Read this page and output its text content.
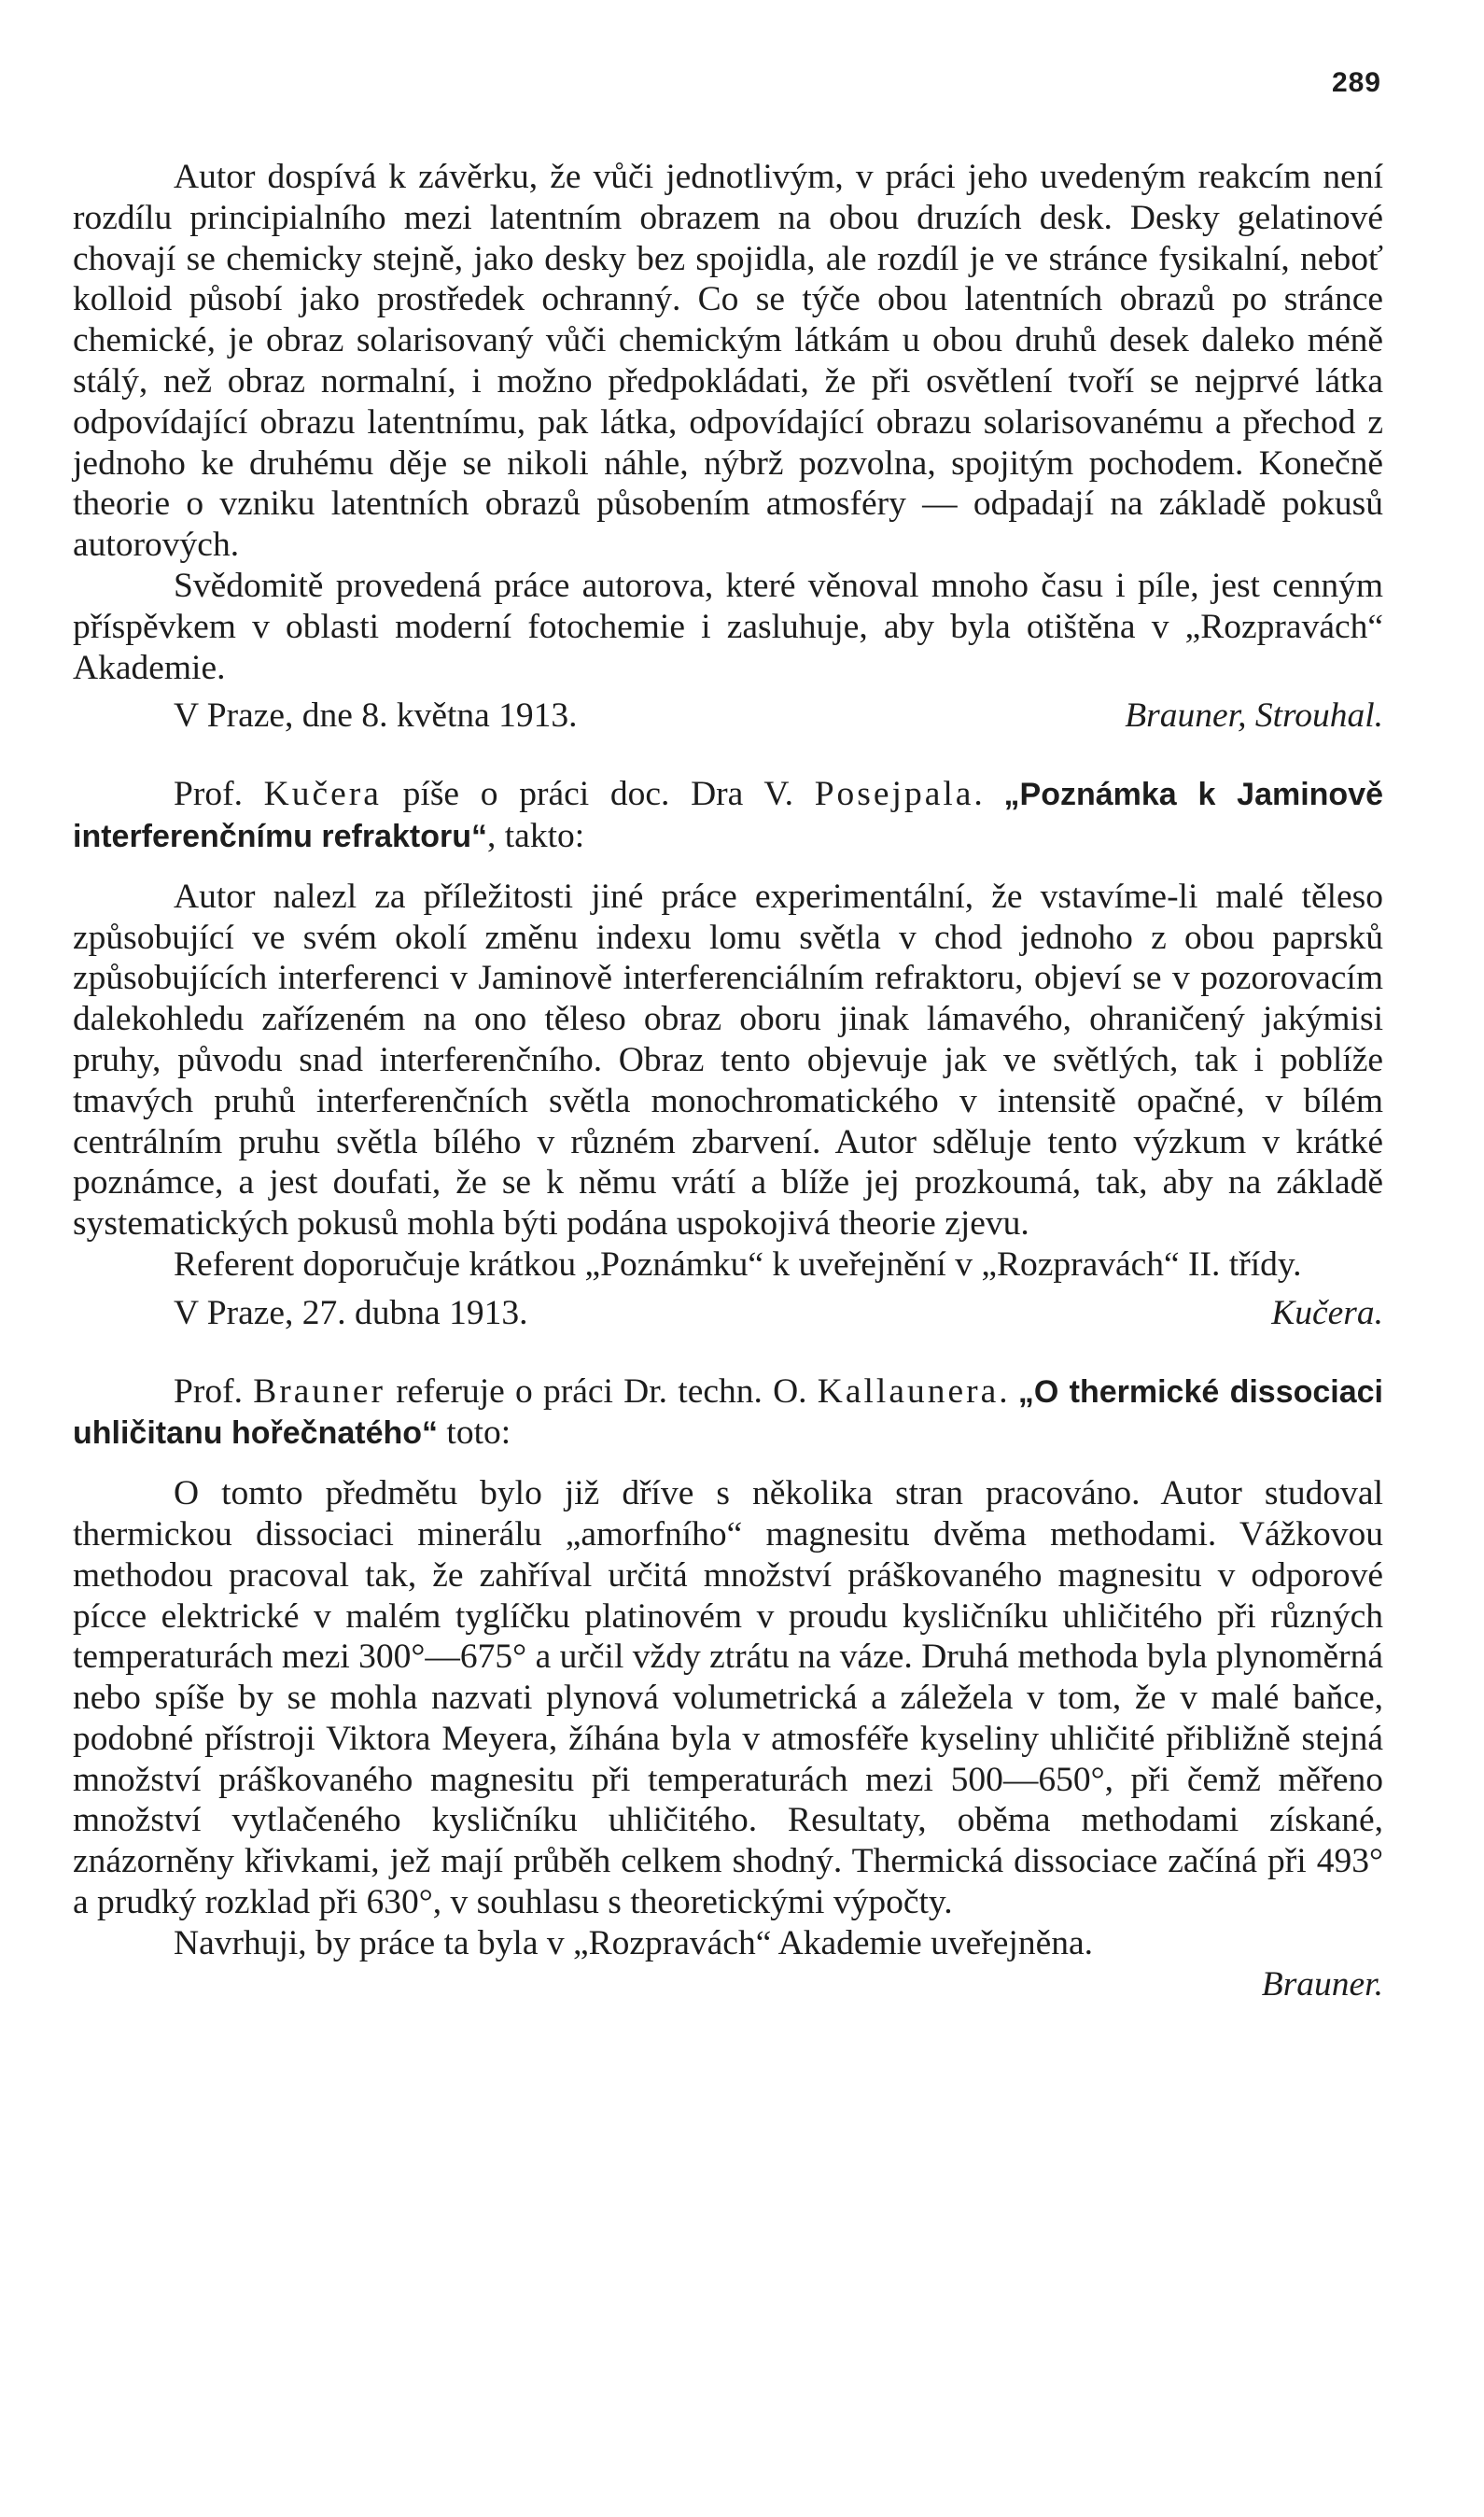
289

Autor dospívá k závěrku, že vůči jednotlivým, v práci jeho uvedeným reakcím není rozdílu principialního mezi latentním obrazem na obou druzích desk. Desky gelatinové chovají se chemicky stejně, jako desky bez spojidla, ale rozdíl je ve stránce fysikalní, neboť kolloid působí jako prostředek ochranný. Co se týče obou latentních obrazů po stránce chemické, je obraz solarisovaný vůči chemickým látkám u obou druhů desek daleko méně stálý, než obraz normalní, i možno předpokládati, že při osvětlení tvoří se nejprvé látka odpovídající obrazu latentnímu, pak látka, odpovídající obrazu solarisovanému a přechod z jednoho ke druhému děje se nikoli náhle, nýbrž pozvolna, spojitým pochodem. Konečně theorie o vzniku latentních obrazů působením atmosféry — odpadají na základě pokusů autorových.

Svědomitě provedená práce autorova, které věnoval mnoho času i píle, jest cenným příspěvkem v oblasti moderní fotochemie i zasluhuje, aby byla otištěna v „Rozpravách“ Akademie.

V Praze, dne 8. května 1913.	Brauner, Strouhal.

Prof. Kučera píše o práci doc. Dra V. Posejpala. „Poznámka k Jaminově interferenčnímu refraktoru“, takto:

Autor nalezl za příležitosti jiné práce experimentální, že vstavíme-li malé těleso způsobující ve svém okolí změnu indexu lomu světla v chod jednoho z obou paprsků způsobujících interferenci v Jaminově interferenciálním refraktoru, objeví se v pozorovacím dalekohledu zařízeném na ono těleso obraz oboru jinak lámavého, ohraničený jakýmisi pruhy, původu snad interferenčního. Obraz tento objevuje jak ve světlých, tak i poblíže tmavých pruhů interferenčních světla monochromatického v intensitě opačné, v bílém centrálním pruhu světla bílého v různém zbarvení. Autor sděluje tento výzkum v krátké poznámce, a jest doufati, že se k němu vrátí a blíže jej prozkoumá, tak, aby na základě systematických pokusů mohla býti podána uspokojivá theorie zjevu.

Referent doporučuje krátkou „Poznámku“ k uveřejnění v „Rozpravách“ II. třídy.

V Praze, 27. dubna 1913.	Kučera.

Prof. Brauner referuje o práci Dr. techn. O. Kallaunera. „O thermické dissociaci uhličitanu hořečnatého“ toto:

O tomto předmětu bylo již dříve s několika stran pracováno. Autor studoval thermickou dissociaci minerálu „amorfního“ magnesitu dvěma methodami. Vážkovou methodou pracoval tak, že zahříval určitá množství práškovaného magnesitu v odporové pícce elektrické v malém tyglíčku platinovém v proudu kysličníku uhličitého při různých temperaturách mezi 300°—675° a určil vždy ztrátu na váze. Druhá methoda byla plynoměrná nebo spíše by se mohla nazvati plynová volumetrická a záležela v tom, že v malé baňce, podobné přístroji Viktora Meyera, žíhána byla v atmosféře kyseliny uhličité přibližně stejná množství práškovaného magnesitu při temperaturách mezi 500—650°, při čemž měřeno množství vytlačeného kysličníku uhličitého. Resultaty, oběma methodami získané, znázorněny křivkami, jež mají průběh celkem shodný. Thermická dissociace začíná při 493° a prudký rozklad při 630°, v souhlasu s theoretickými výpočty.

Navrhuji, by práce ta byla v „Rozpravách“ Akademie uveřejněna.

Brauner.
